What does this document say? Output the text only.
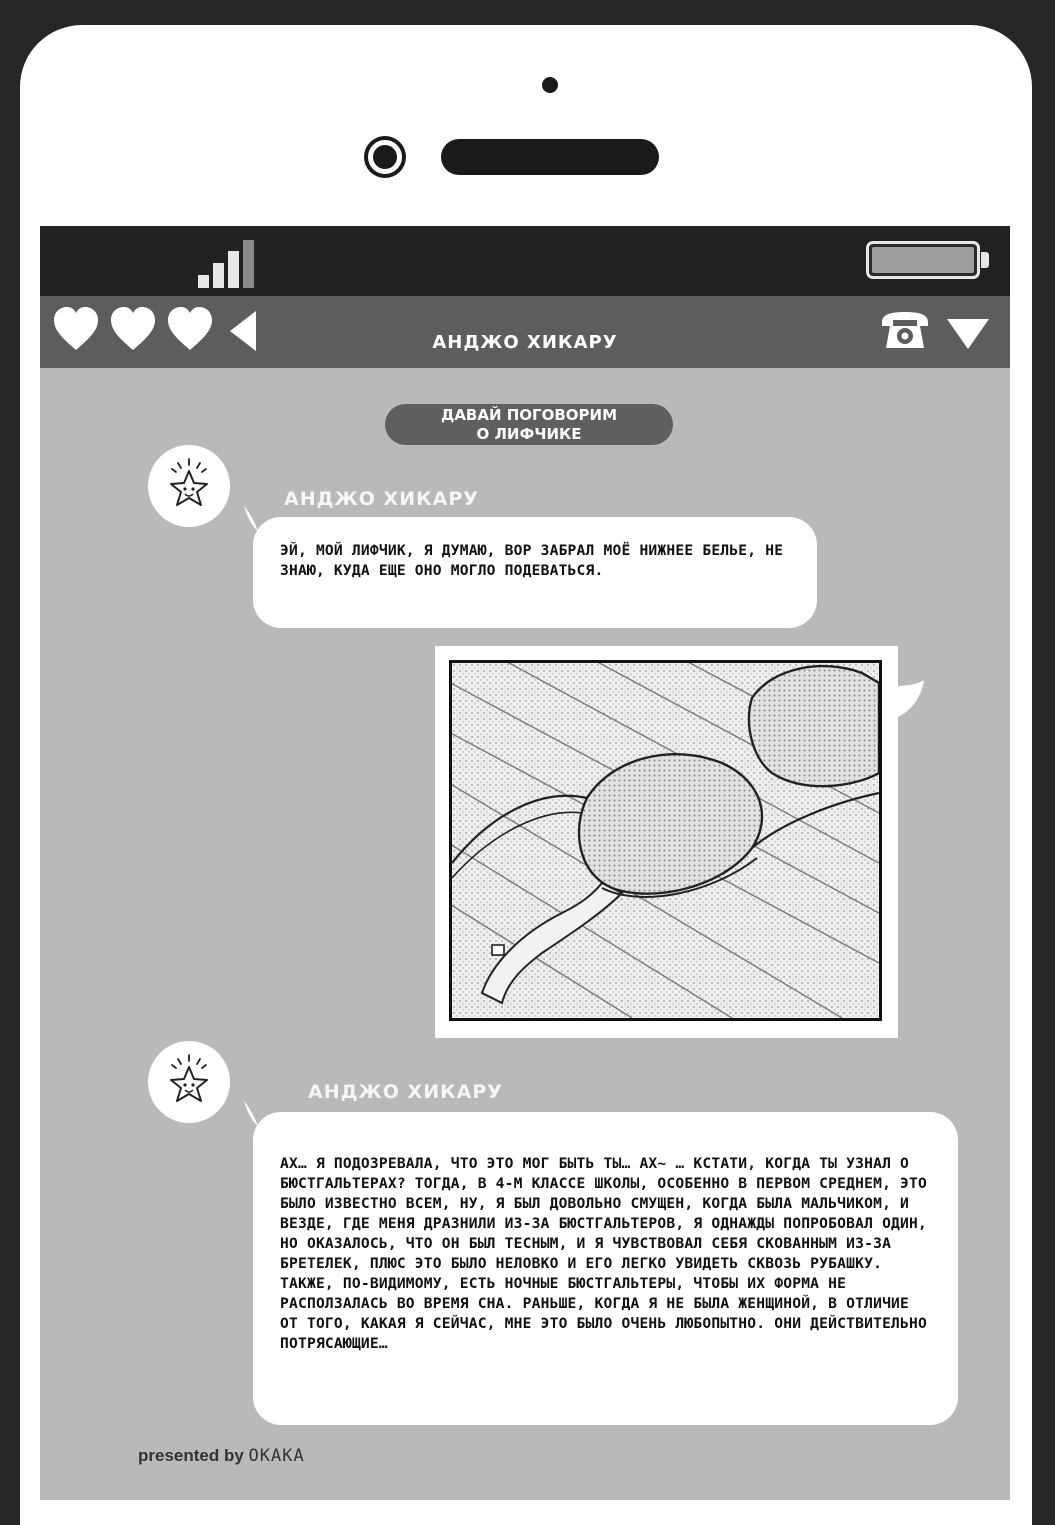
АНДЖО ХИКАРУ
ДАВАЙ ПОГОВОРИМ
О ЛИФЧИКЕ
АНДЖО ХИКАРУ
ЭЙ, МОЙ ЛИФЧИК, Я ДУМАЮ, ВОР ЗАБРАЛ МОЁ НИЖНЕЕ БЕЛЬЕ, НЕ ЗНАЮ, КУДА ЕЩЕ ОНО МОГЛО ПОДЕВАТЬСЯ.
АНДЖО ХИКАРУ
АХ… Я ПОДОЗРЕВАЛА, ЧТО ЭТО МОГ БЫТЬ ТЫ… АХ~ … КСТАТИ, КОГДА ТЫ УЗНАЛ О БЮСТГАЛЬТЕРАХ? ТОГДА, В 4-М КЛАССЕ ШКОЛЫ, ОСОБЕННО В ПЕРВОМ СРЕДНЕМ, ЭТО БЫЛО ИЗВЕСТНО ВСЕМ, НУ, Я БЫЛ ДОВОЛЬНО СМУЩЕН, КОГДА БЫЛА МАЛЬЧИКОМ, И ВЕЗДЕ, ГДЕ МЕНЯ ДРАЗНИЛИ ИЗ-ЗА БЮСТГАЛЬТЕРОВ, Я ОДНАЖДЫ ПОПРОБОВАЛ ОДИН, НО ОКАЗАЛОСЬ, ЧТО ОН БЫЛ ТЕСНЫМ, И Я ЧУВСТВОВАЛ СЕБЯ СКОВАННЫМ ИЗ-ЗА БРЕТЕЛЕК, ПЛЮС ЭТО БЫЛО НЕЛОВКО И ЕГО ЛЕГКО УВИДЕТЬ СКВОЗЬ РУБАШКУ. ТАКЖЕ, ПО-ВИДИМОМУ, ЕСТЬ НОЧНЫЕ БЮСТГАЛЬТЕРЫ, ЧТОБЫ ИХ ФОРМА НЕ РАСПОЛЗАЛАСЬ ВО ВРЕМЯ СНА. РАНЬШЕ, КОГДА Я НЕ БЫЛА ЖЕНЩИНОЙ, В ОТЛИЧИЕ ОТ ТОГО, КАКАЯ Я СЕЙЧАС, МНЕ ЭТО БЫЛО ОЧЕНЬ ЛЮБОПЫТНО. ОНИ ДЕЙСТВИТЕЛЬНО ПОТРЯСАЮЩИЕ…
presented by OKAKA
